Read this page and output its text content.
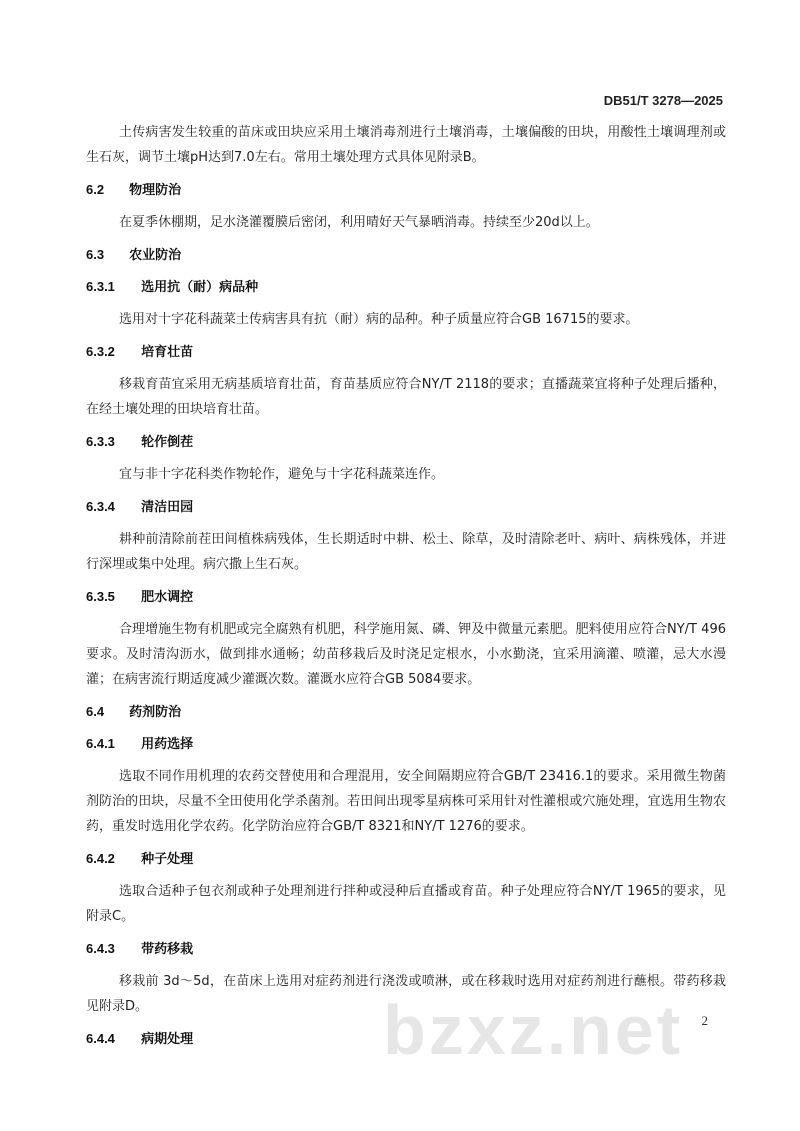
DB51/T 3278—2025

土传病害发生较重的苗床或田块应采用土壤消毒剂进行土壤消毒，土壤偏酸的田块，用酸性土壤调理剂或生石灰，调节土壤pH达到7.0左右。常用土壤处理方式具体见附录B。

6.2 物理防治

在夏季休棚期，足水浇灌覆膜后密闭，利用晴好天气暴晒消毒。持续至少20d以上。

6.3 农业防治
6.3.1 选用抗（耐）病品种

选用对十字花科蔬菜土传病害具有抗（耐）病的品种。种子质量应符合GB 16715的要求。

6.3.2 培育壮苗

移栽育苗宜采用无病基质培育壮苗，育苗基质应符合NY/T 2118的要求；直播蔬菜宜将种子处理后播种，在经土壤处理的田块培育壮苗。

6.3.3 轮作倒茬

宜与非十字花科类作物轮作，避免与十字花科蔬菜连作。

6.3.4 清洁田园

耕种前清除前茬田间植株病残体，生长期适时中耕、松土、除草，及时清除老叶、病叶、病株残体，并进行深埋或集中处理。病穴撒上生石灰。

6.3.5 肥水调控

合理增施生物有机肥或完全腐熟有机肥，科学施用氮、磷、钾及中微量元素肥。肥料使用应符合NY/T 496要求。及时清沟沥水，做到排水通畅；幼苗移栽后及时浇足定根水，小水勤浇，宜采用滴灌、喷灌，忌大水漫灌；在病害流行期适度减少灌溉次数。灌溉水应符合GB 5084要求。

6.4 药剂防治
6.4.1 用药选择

选取不同作用机理的农药交替使用和合理混用，安全间隔期应符合GB/T 23416.1的要求。采用微生物菌剂防治的田块，尽量不全田使用化学杀菌剂。若田间出现零星病株可采用针对性灌根或穴施处理，宜选用生物农药，重发时选用化学农药。化学防治应符合GB/T 8321和NY/T 1276的要求。

6.4.2 种子处理

选取合适种子包衣剂或种子处理剂进行拌种或浸种后直播或育苗。种子处理应符合NY/T 1965的要求，见附录C。

6.4.3 带药移栽

移栽前 3d～5d，在苗床上选用对症药剂进行浇泼或喷淋，或在移栽时选用对症药剂进行蘸根。带药移栽见附录D。

6.4.4 病期处理	bzxz.net 2
